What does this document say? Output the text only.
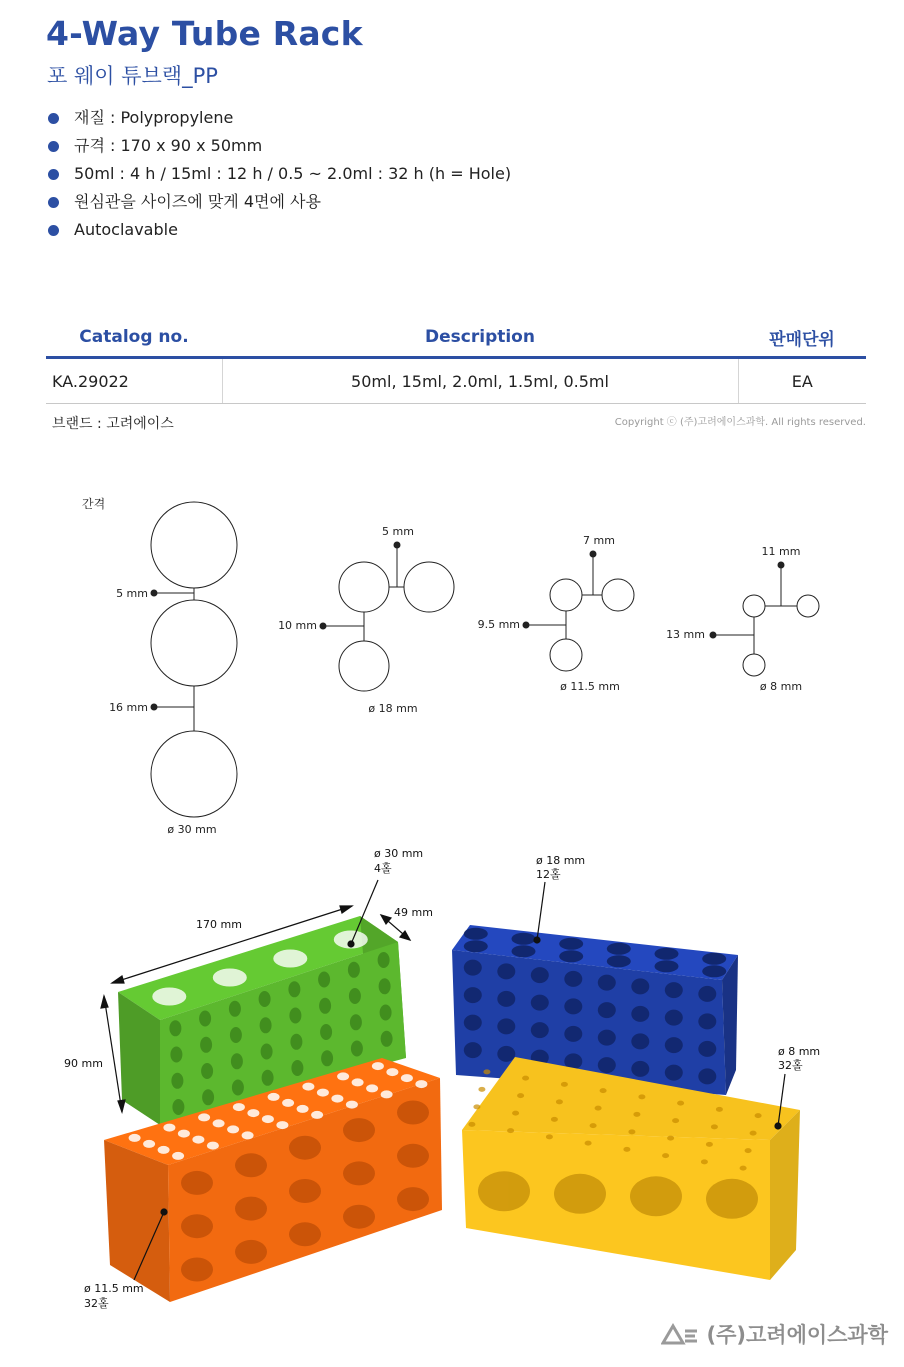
4-Way Tube Rack
포 웨이 튜브랙_PP
재질 : Polypropylene
규격 : 170 x 90 x 50mm
50ml : 4 h / 15ml : 12 h / 0.5 ~ 2.0ml : 32 h (h = Hole)
원심관을 사이즈에 맞게 4면에 사용
Autoclavable
Catalog no.	Description	판매단위
KA.29022	50ml, 15ml, 2.0ml, 1.5ml, 0.5ml	EA
브랜드 : 고려에이스	Copyright ⓒ (주)고려에이스과학. All rights reserved.
간격
5 mm
16 mm
ø 30 mm
5 mm
10 mm
ø 18 mm
7 mm
9.5 mm
ø 11.5 mm
11 mm
13 mm
ø 8 mm
170 mm
90 mm
49 mm
ø 30 mm
4홀
ø 18 mm
12홀
ø 8 mm
32홀
ø 11.5 mm
32홀
(주)고려에이스과학
